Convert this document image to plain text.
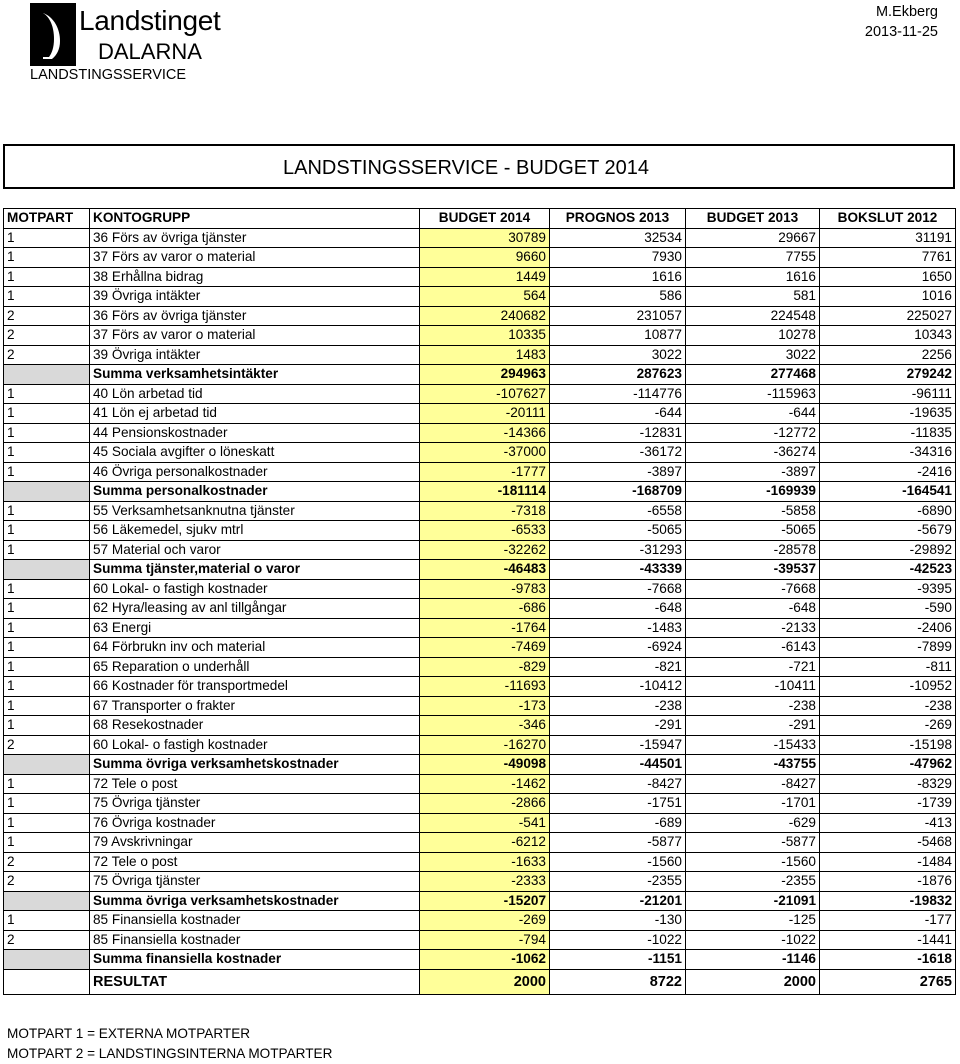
Landstinget
DALARNA
LANDSTINGSSERVICE
M.Ekberg
2013-11-25
LANDSTINGSSERVICE - BUDGET 2014
MOTPART	KONTOGRUPP	BUDGET 2014	PROGNOS 2013	BUDGET 2013	BOKSLUT 2012
1	36 Förs av övriga tjänster	30789	32534	29667	31191
1	37 Förs av varor o material	9660	7930	7755	7761
1	38 Erhållna bidrag	1449	1616	1616	1650
1	39 Övriga intäkter	564	586	581	1016
2	36 Förs av övriga tjänster	240682	231057	224548	225027
2	37 Förs av varor o material	10335	10877	10278	10343
2	39 Övriga intäkter	1483	3022	3022	2256
	Summa verksamhetsintäkter	294963	287623	277468	279242
1	40 Lön arbetad tid	-107627	-114776	-115963	-96111
1	41 Lön ej arbetad tid	-20111	-644	-644	-19635
1	44 Pensionskostnader	-14366	-12831	-12772	-11835
1	45 Sociala avgifter o löneskatt	-37000	-36172	-36274	-34316
1	46 Övriga personalkostnader	-1777	-3897	-3897	-2416
	Summa personalkostnader	-181114	-168709	-169939	-164541
1	55 Verksamhetsanknutna tjänster	-7318	-6558	-5858	-6890
1	56 Läkemedel, sjukv mtrl	-6533	-5065	-5065	-5679
1	57 Material och varor	-32262	-31293	-28578	-29892
	Summa tjänster,material o varor	-46483	-43339	-39537	-42523
1	60 Lokal- o fastigh kostnader	-9783	-7668	-7668	-9395
1	62 Hyra/leasing av anl tillgångar	-686	-648	-648	-590
1	63 Energi	-1764	-1483	-2133	-2406
1	64 Förbrukn inv och material	-7469	-6924	-6143	-7899
1	65 Reparation o underhåll	-829	-821	-721	-811
1	66 Kostnader för transportmedel	-11693	-10412	-10411	-10952
1	67 Transporter o frakter	-173	-238	-238	-238
1	68 Resekostnader	-346	-291	-291	-269
2	60 Lokal- o fastigh kostnader	-16270	-15947	-15433	-15198
	Summa övriga verksamhetskostnader	-49098	-44501	-43755	-47962
1	72 Tele o post	-1462	-8427	-8427	-8329
1	75 Övriga tjänster	-2866	-1751	-1701	-1739
1	76 Övriga kostnader	-541	-689	-629	-413
1	79 Avskrivningar	-6212	-5877	-5877	-5468
2	72 Tele o post	-1633	-1560	-1560	-1484
2	75 Övriga tjänster	-2333	-2355	-2355	-1876
	Summa övriga verksamhetskostnader	-15207	-21201	-21091	-19832
1	85 Finansiella kostnader	-269	-130	-125	-177
2	85 Finansiella kostnader	-794	-1022	-1022	-1441
	Summa finansiella kostnader	-1062	-1151	-1146	-1618
	RESULTAT	2000	8722	2000	2765
MOTPART 1 = EXTERNA MOTPARTER
MOTPART 2 = LANDSTINGSINTERNA MOTPARTER
